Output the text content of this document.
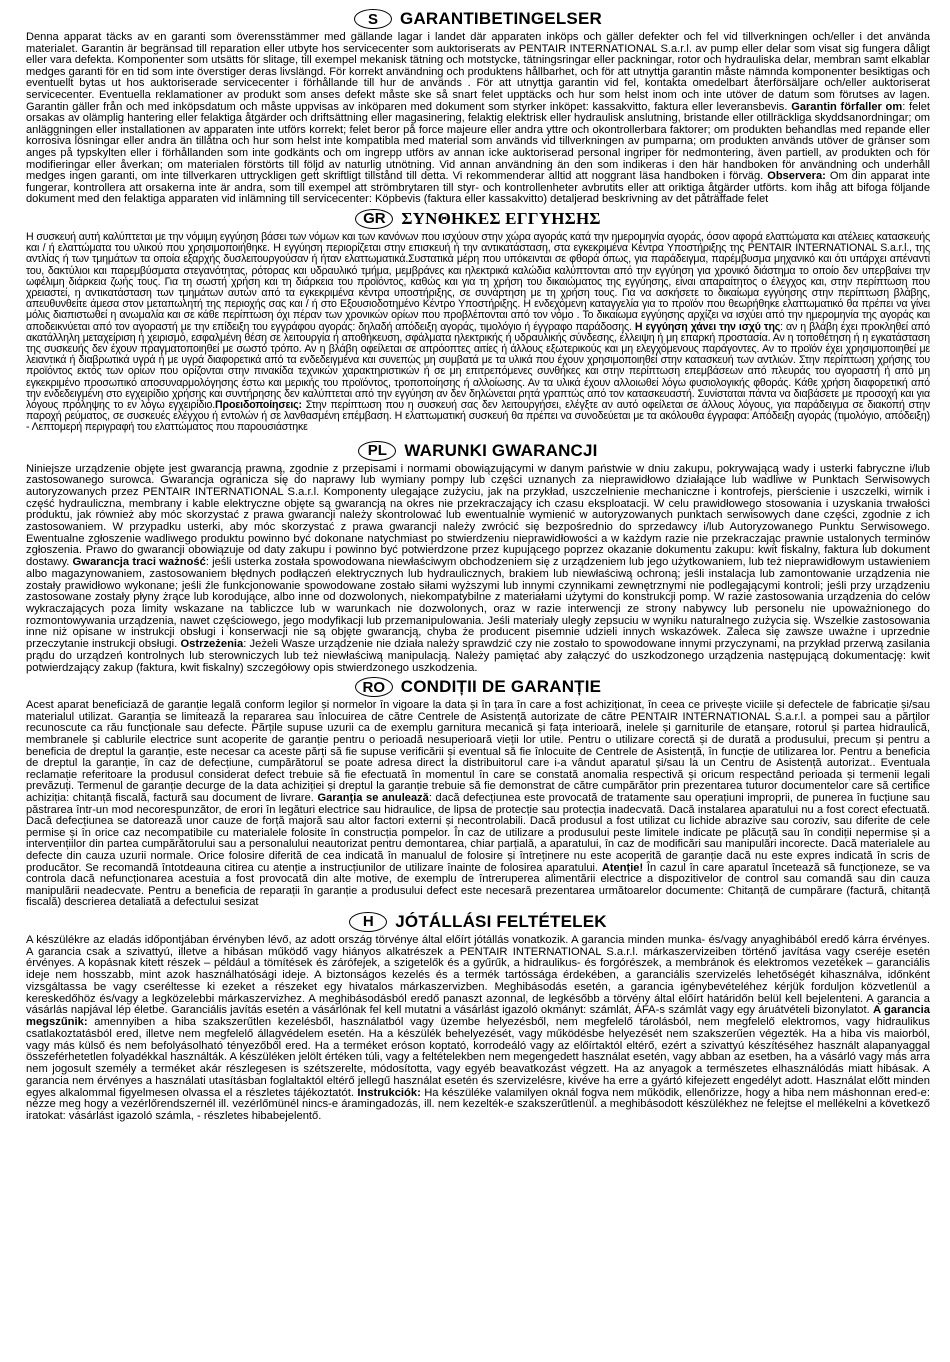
S	GARANTIBETINGELSER

Denna apparat täcks av en garanti som överensstämmer med gällande lagar i landet där apparaten inköps och gäller defekter och fel vid tillverkningen och/eller i det använda materialet. Garantin är begränsad till reparation eller utbyte hos servicecenter som auktoriserats av PENTAIR INTERNATIONAL S.a.r.l. av pump eller delar som visat sig fungera dåligt eller vara defekta. Komponenter som utsätts för slitage, till exempel mekanisk tätning och motstycke, tätningsringar eller packningar, rotor och hydrauliska delar, membran samt elkablar medges garanti för en tid som inte överstiger deras livslängd. För korrekt användning och produktens hållbarhet, och för att utnyttja garantin måste nämnda komponenter besiktigas och eventuellt bytas ut hos auktoriserade servicecenter i förhållande till hur de används . För att utnyttja garantin vid fel, kontakta omedelbart återförsäljare och/eller auktoriserat servicecenter. Eventuella reklamationer av produkt som anses defekt måste ske så snart felet upptäcks och hur som helst inom och inte utöver de datum som förutses av lagen. Garantin gäller från och med inköpsdatum och måste uppvisas av inköparen med dokument som styrker inköpet: kassakvitto, faktura eller leveransbevis. Garantin förfaller om: felet orsakas av olämplig hantering eller felaktiga åtgärder och driftsättning eller magasinering, felaktig elektrisk eller hydraulisk anslutning, bristande eller otillräckliga skyddsanordningar; om anläggningen eller installationen av apparaten inte utförs korrekt; felet beror på force majeure eller andra yttre och okontrollerbara faktorer; om produkten behandlas med repande eller korrosiva lösningar eller andra än tillåtna och hur som helst inte kompatibla med material som används vid tillverkningen av pumparna; om produkten används utöver de gränser som anges på typskylten eller i förhållanden som inte godkänts och om ingrepp utförs av annan icke auktoriserad personal ingriper för nedmontering, även partiell, av produkten och för modifieringar eller åverkan; om materialen förstörts till följd av naturlig utnötning. Vid annan användning än den som indikeras i den här handboken för användning och underhåll medges ingen garanti, om inte tillverkaren uttryckligen gett skriftligt tillstånd till detta. Vi rekommenderar alltid att noggrant läsa handboken i förväg. Observera: Om din apparat inte fungerar, kontrollera att orsakerna inte är andra, som till exempel att strömbrytaren till styr- och kontrollenheter avbrutits eller att oriktiga åtgärder utförts. kom ihåg att bifoga följande dokument med den felaktiga apparaten vid inlämning till servicecenter: Köpbevis (faktura eller kassakvitto) detaljerad beskrivning av det påträffade felet

GR ΣΥΝΘΗΚΕΣ ΕΓΓΥΗΣΗΣ

Η συσκευή αυτή καλύπτεται με την νόμιμη εγγύηση βάσει των νόμων και των κανόνων που ισχύουν στην χώρα αγοράς κατά την ημερομηνία αγοράς, όσον αφορά ελαττώματα και ατέλειες κατασκευής και / ή ελαττώματα του υλικού που χρησιμοποιήθηκε. Η εγγύηση περιορίζεται στην επισκευή ή την αντικατάσταση, στα εγκεκριμένα Κέντρα Υποστήριξης της PENTAIR INTERNATIONAL S.a.r.l., της αντλίας ή των τμημάτων τα οποία εξαρχής δυσλειτουργούσαν ή ήταν ελαττωματικά.Συστατικά μέρη που υπόκεινται σε φθορά όπως, για παράδειγμα, παρέμβυσμα μηχανικό και ότι υπάρχει απέναντί του, δακτύλιοι και παρεμβύσματα στεγανότητας, ρότορας και υδραυλικό τμήμα, μεμβράνες και ηλεκτρικά καλώδια καλύπτονται από την εγγύηση για χρονικό διάστημα το οποίο δεν υπερβαίνει την ωφέλιμη διάρκεια ζωής τους. Για τη σωστή χρήση και τη διάρκεια του προϊόντος, καθώς και για τη χρήση του δικαιώματος της εγγύησης, είναι απαραίτητος ο έλεγχος και, στην περίπτωση που χρειαστεί, η αντικατάσταση των τμημάτων αυτών από τα εγκεκριμένα κέντρα υποστήριξης, σε συνάρτηση με τη χρήση τους. Για να ασκήσετε το δικαίωμα εγγύησης στην περίπτωση βλάβης, απευθυνθείτε άμεσα στον μεταπωλητή της περιοχής σας και / ή στο Εξουσιοδοτημένο Κέντρο Υποστήριξης. Η ενδεχόμενη καταγγελία για το προϊόν που θεωρήθηκε ελαττωματικό θα πρέπει να γίνει μόλις διαπιστωθεί η ανωμαλία και σε κάθε περίπτωση όχι πέραν των χρονικών ορίων που προβλέπονται από τον νόμο . Το δικαίωμα εγγύησης αρχίζει να ισχύει από την ημερομηνία της αγοράς και αποδεικνύεται από τον αγοραστή με την επίδειξη του εγγράφου αγοράς: δηλαδή απόδειξη αγοράς, τιμολόγιο ή έγγραφο παράδοσης. Η εγγύηση χάνει την ισχύ της: αν η βλάβη έχει προκληθεί από ακατάλληλη μεταχείριση ή χειρισμό, εσφαλμένη θέση σε λειτουργία ή αποθήκευση, σφάλματα ηλεκτρικής ή υδραυλικής σύνδεσης, έλλειψη ή μη επαρκή προστασία. Αν η τοποθέτηση ή η εγκατάσταση της συσκευής δεν έχουν πραγματοποιηθεί με σωστό τρόπο. Αν η βλάβη οφείλεται σε απρόοπτες αιτίες ή άλλους εξωτερικούς και μη ελεγχόμενους παράγοντες. Αν το προϊόν έχει χρησιμοποιηθεί με λειαντικά ή διαβρωτικά υγρά ή με υγρά διαφορετικά από τα ενδεδειγμένα και συνεπώς μη συμβατά με τα υλικά που έχουν χρησιμοποιηθεί στην κατασκευή των αντλιών. Στην περίπτωση χρήσης του προϊόντος εκτός των ορίων που ορίζονται στην πινακίδα τεχνικών χαρακτηριστικών ή σε μη επιτρεπόμενες συνθήκες και στην περίπτωση επεμβάσεων από πλευράς του αγοραστή ή από μη εγκεκριμένο προσωπικό αποσυναρμολόγησης έστω και μερικής του προϊόντος, τροποποίησης ή αλλοίωσης. Αν τα υλικά έχουν αλλοιωθεί λόγω φυσιολογικής φθοράς. Κάθε χρήση διαφορετική από την ενδεδειγμένη στο εγχειρίδιο χρήσης και συντήρησης δεν καλύπτεται από την εγγύηση αν δεν δηλώνεται ρητά γραπτώς από τον κατασκευαστή. Συνίσταται πάντα να διαβάσετε με προσοχή και για λόγους πρόληψης το εν λόγω εγχειρίδιο.Προειδοποίησεις: Στην περίπτωση που η συσκευή σας δεν λειτουργήσει, ελέγξτε αν αυτό οφείλεται σε άλλους λόγους, για παράδειγμα σε διακοπή στην παροχή ρεύματος, σε συσκευές ελέγχου ή εντολών ή σε λανθασμένη επέμβαση. Η ελαττωματική συσκευή θα πρέπει να συνοδεύεται με τα ακόλουθα έγγραφα: Απόδειξη αγοράς (τιμολόγιο, απόδειξη) - Λεπτομερή περιγραφή του ελαττώματος που παρουσιάστηκε

PL	WARUNKI GWARANCJI

Niniejsze urządzenie objęte jest gwarancją prawną, zgodnie z przepisami i normami obowiązującymi w danym państwie w dniu zakupu, pokrywającą wady i usterki fabryczne i/lub zastosowanego surowca. Gwarancja ogranicza się do naprawy lub wymiany pompy lub części uznanych za nieprawidłowo działające lub wadliwe w Punktach Serwisowych autoryzowanych przez PENTAIR INTERNATIONAL S.a.r.l. Komponenty ulegające zużyciu, jak na przykład, uszczelnienie mechaniczne i kontrofejs, pierścienie i uszczelki, wirnik i część hydrauliczna, membrany i kable elektryczne objęte są gwarancją na okres nie przekraczający ich czasu eksploatacji. W celu prawidłowego stosowania i uzyskania trwałości produktu, jak również aby móc skorzystać z prawa gwarancji należy skontrolować lub ewentualnie wymienić w autoryzowanych punktach serwisowych dane części, zgodnie z ich zastosowaniem. W przypadku usterki, aby móc skorzystać z prawa gwarancji należy zwrócić się bezpośrednio do sprzedawcy i/lub Autoryzowanego Punktu Serwisowego. Ewentualne zgłoszenie wadliwego produktu powinno być dokonane natychmiast po stwierdzeniu nieprawidłowości a w każdym razie nie przekraczając prawnie ustalonych terminów zgłoszenia. Prawo do gwarancji obowiązuje od daty zakupu i powinno być potwierdzone przez kupującego poprzez okazanie dokumentu zakupu: kwit fiskalny, faktura lub dokument dostawy. Gwarancja traci ważność: jeśli usterka została spowodowana niewłaściwym obchodzeniem się z urządzeniem lub jego użytkowaniem, lub też nieprawidłowym ustawieniem albo magazynowaniem, zastosowaniem błędnych podłączeń elektrycznych lub hydraulicznych, brakiem lub niewłaściwą ochroną; jeśli instalacja lub zamontowanie urządzenia nie zostały prawidłowo wykonane; jeśli źle funkcjonowanie spowodowane zostało siłami wyższymi lub innymi czynnikami zewnętrznymi nie podlegającymi kontroli; jeśli przy urządzeniu zastosowane zostały płyny żrące lub korodujące, albo inne od dozwolonych, niekompatybilne z materiałami użytymi do konstrukcji pomp. W razie zastosowania urządzenia do celów wykraczających poza limity wskazane na tabliczce lub w warunkach nie dozwolonych, oraz w razie interwencji ze strony nabywcy lub personelu nie upoważnionego do rozmontowywania urządzenia, nawet częściowego, jego modyfikacji lub przemanipulowania. Jeśli materiały uległy zepsuciu w wyniku naturalnego zużycia się. Wszelkie zastosowania inne niż opisane w instrukcji obsługi i konserwacji nie są objęte gwarancją, chyba że producent pisemnie udzieli innych wskazówek. Zaleca się zawsze uważne i uprzednie przeczytanie instrukcji obsługi. Ostrzeżenia: Jeżeli Wasze urządzenie nie działa należy sprawdzić czy nie zostało to spowodowane innymi przyczynami, na przykład przerwą zasilania prądu do urządzeń kontrolnych lub sterowniczych lub też niewłaściwą manipulacją. Należy pamiętać aby załączyć do uszkodzonego urządzenia następującą dokumentację: kwit potwierdzający zakup (faktura, kwit fiskalny) szczegółowy opis stwierdzonego uszkodzenia.

RO CONDIȚII DE GARANȚIE

Acest aparat beneficiază de garanție legală conform legilor și normelor în vigoare la data și în țara în care a fost achiziționat, în ceea ce privește viciile și defectele de fabricație și/sau materialul utilizat. Garanția se limitează la repararea sau înlocuirea de către Centrele de Asistență autorizate de către PENTAIR INTERNATIONAL S.a.r.l. a pompei sau a părților recunoscute ca rău funcționale sau defecte. Părțile supuse uzurii ca de exemplu garnitura mecanică și fața interioară, inelele și garniturile de etanșare, rotorul și partea hidraulică, membranele și cablurile electrice sunt acoperite de garanție pentru o perioadă nesuperioară vieții lor utile. Pentru o utilizare corectă și de durată a produsului, precum și pentru a beneficia de dreptul la garanție, este necesar ca aceste părți să fie supuse verificării și eventual să fie înlocuite de Centrele de Asistență, în funcție de utilizarea lor. Pentru a beneficia de dreptul la garanție, în caz de defecțiune, cumpărătorul se poate adresa direct la distribuitorul care i-a vândut aparatul și/sau la un Centru de Asistență autorizat.. Eventuala reclamație referitoare la produsul considerat defect trebuie să fie efectuată în momentul în care se constată anomalia respectivă și oricum respectând perioada și termenii legali prevăzuți. Termenul de garanție decurge de la data achiziției și dreptul la garanție trebuie să fie demonstrat de către cumpărător prin prezentarea tuturor documentelor care să certifice achiziția: chitanță fiscală, factură sau document de livrare. Garanția se anulează: dacă defecțiunea este provocată de tratamente sau operațiuni improprii, de punerea în fucțiune sau păstrarea într-un mod necorespunzător, de erori în legături electrice sau hidraulice, de lipsa de protecție sau protecția inadecvată. Dacă instalarea aparatului nu a fost corect efectuată. Dacă defecțiunea se datorează unor cauze de forță majoră sau altor factori externi și necontrolabili. Dacă produsul a fost utilizat cu lichide abrazive sau coroziv, sau diferite de cele permise și în orice caz necompatibile cu materialele folosite în construcția pompelor. În caz de utilizare a produsului peste limitele indicate pe plăcuță sau în condiții nepermise și a intervențiilor din partea cumpărătorului sau a personalului neautorizat pentru demontarea, chiar parțială, a aparatului, în caz de modificări sau manipulări incorecte. Dacă materialele au defecte din cauza uzurii normale. Orice folosire diferită de cea indicată în manualul de folosire și întreținere nu este acoperită de garanție dacă nu este expres indicată în scris de producător. Se recomandă întotdeauna citirea cu atenție a instrucțiunilor de utilizare înainte de folosirea aparatului. Atenție! În cazul în care aparatul încetează să funcționeze, se va controla dacă nefuncționarea acestuia a fost provocată din alte motive, de exemplu de întreruperea alimentării electrice a dispozitivelor de control sau comandă sau din cauza manipulării neadecvate. Pentru a beneficia de reparații în garanție a produsului defect este necesară prezentarea următoarelor documente: Chitanță de cumpărare (factură, chitanță fiscală) descrierea detaliată a defectului sesizat

H	JÓTÁLLÁSI FELTÉTELEK

A készülékre az eladás időpontjában érvényben lévő, az adott ország törvénye által előírt jótállás vonatkozik. A garancia minden munka- és/vagy anyaghibából eredő kárra érvényes. A garancia csak a szivattyú, illetve a hibásan működő vagy hiányos alkatrészek a PENTAIR INTERNATIONAL S.a.r.l. márkaszervizeiben történő javítása vagy cseréje esetén érvényes. A kopásnak kitett részek – például a tömítések és zárófejek, a szigetelők és a gyűrűk, a hidraulikus- és forgórészek, a membránok és elektromos vezetékek – garanciális ideje nem hosszabb, mint azok használhatósági ideje. A biztonságos kezelés és a termék tartóssága érdekében, a garanciális szervizelés lehetőségét kihasználva, időnként vizsgáltassa be vagy cseréltesse ki ezeket a részeket egy hivatalos márkaszervizben. Meghibásodás esetén, a garancia igénybevételéhez kérjük forduljon közvetlenül a kereskedőhöz és/vagy a legközelebbi márkaszervizhez. A meghibásodásból eredő panaszt azonnal, de legkésőbb a törvény által előírt határidőn belül kell bejelenteni. A garancia a vásárlás napjával lép életbe. Garanciális javítás esetén a vásárlónak fel kell mutatni a vásárlást igazoló okmányt: számlát, ÁFA-s számlát vagy egy áruátvételi bizonylatot. A garancia megszűnik: amennyiben a hiba szakszerűtlen kezelésből, használatból vagy üzembe helyezésből, nem megfelelő tárolásból, nem megfelelő elektromos, vagy hidraulikus csatlakoztatásból ered, illetve nem megfelelő állagvédelem esetén. Ha a készülék behelyezését, vagy működésbe helyezését nem szakszerűen végezték. Ha a hiba vis maiorból, vagy más külső és nem befolyásolható tényezőből ered. Ha a terméket eróson koptató, korrodeáló vagy az előírtaktól eltérő, ezért a szivattyú készítéséhez használt alapanyaggal összeférhetetlen folyadékkal használták. A készüléken jelölt értéken túli, vagy a feltételekben nem megengedett használat esetén, vagy abban az esetben, ha a vásárló vagy más arra nem jogosult személy a terméket akár részlegesen is szétszerelte, módosította, vagy egyéb beavatkozást végzett. Ha az anyagok a természetes elhasználódás miatt hibásak. A garancia nem érvényes a használati utasításban foglaltaktól eltérő jellegű használat esetén és szervizelésre, kivéve ha erre a gyártó kifejezett engedélyt adott. Használat előtt minden egyes alkalommal figyelmesen olvassa el a részletes tájékoztatót. Instrukciók: Ha készüléke valamilyen oknál fogva nem működik, ellenőrizze, hogy a hiba nem máshonnan ered-e: nézze meg hogy a vezérlőrendszernél ill. vezérlőmünél nincs-e áramingadozás, ill. nem kezelték-e szakszerűtlenül. a meghibásodott készülékhez ne felejtse el mellékelni a következő iratokat: vásárlást igazoló számla, - részletes hibabejelentő.
